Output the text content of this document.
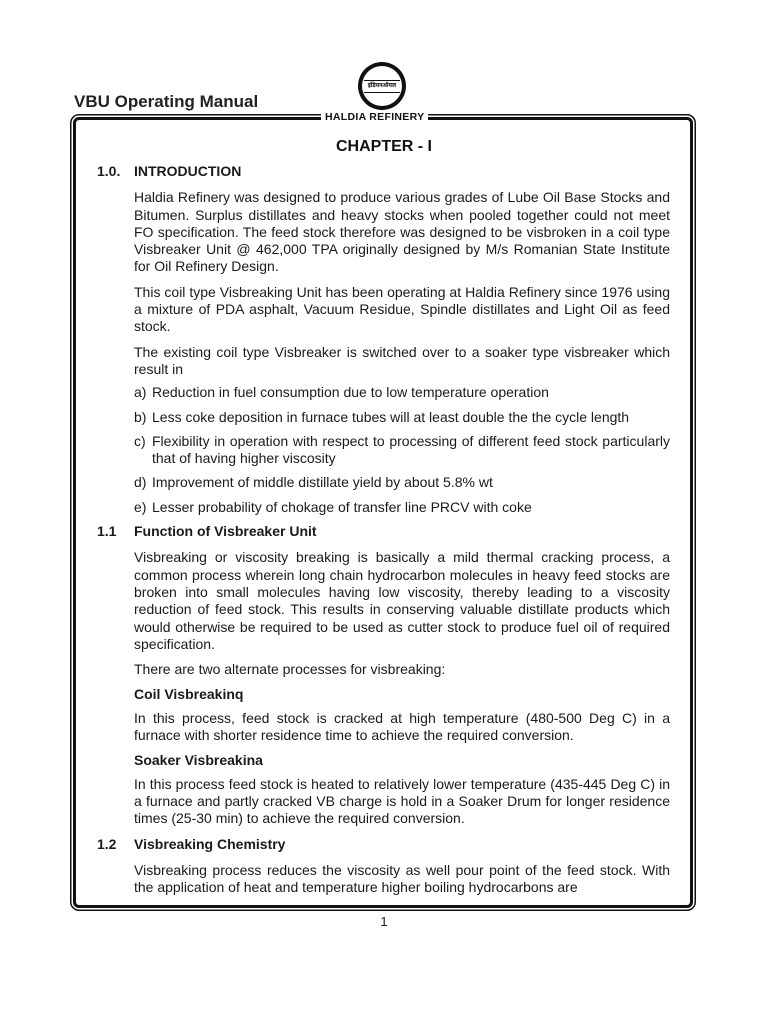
VBU Operating Manual
इंडियनऑयल
HALDIA REFINERY
CHAPTER - I
1.0. INTRODUCTION

Haldia Refinery was designed to produce various grades of Lube Oil Base Stocks and Bitumen. Surplus distillates and heavy stocks when pooled together could not meet FO specification. The feed stock therefore was designed to be visbroken in a coil type Visbreaker Unit @ 462,000 TPA originally designed by M/s Romanian State Institute for Oil Refinery Design.

This coil type Visbreaking Unit has been operating at Haldia Refinery since 1976 using a mixture of PDA asphalt, Vacuum Residue, Spindle distillates and Light Oil as feed stock.

The existing coil type Visbreaker is switched over to a soaker type visbreaker which result in

a) Reduction in fuel consumption due to low temperature operation
b) Less coke deposition in furnace tubes will at least double the the cycle length
c) Flexibility in operation with respect to processing of different feed stock particularly that of having higher viscosity
d) Improvement of middle distillate yield by about 5.8% wt
e) Lesser probability of chokage of transfer line PRCV with coke
1.1	Function of Visbreaker Unit

Visbreaking or viscosity breaking is basically a mild thermal cracking process, a common process wherein long chain hydrocarbon molecules in heavy feed stocks are broken into small molecules having low viscosity, thereby leading to a viscosity reduction of feed stock. This results in conserving valuable distillate products which would otherwise be required to be used as cutter stock to produce fuel oil of required specification.

There are two alternate processes for visbreaking:

Coil Visbreakinq

In this process, feed stock is cracked at high temperature (480-500 Deg C) in a furnace with shorter residence time to achieve the required conversion.

Soaker Visbreakina

In this process feed stock is heated to relatively lower temperature (435-445 Deg C) in a furnace and partly cracked VB charge is hold in a Soaker Drum for longer residence times (25-30 min) to achieve the required conversion.

1.2	Visbreaking Chemistry

Visbreaking process reduces the viscosity as well pour point of the feed stock. With the application of heat and temperature higher boiling hydrocarbons are

1
